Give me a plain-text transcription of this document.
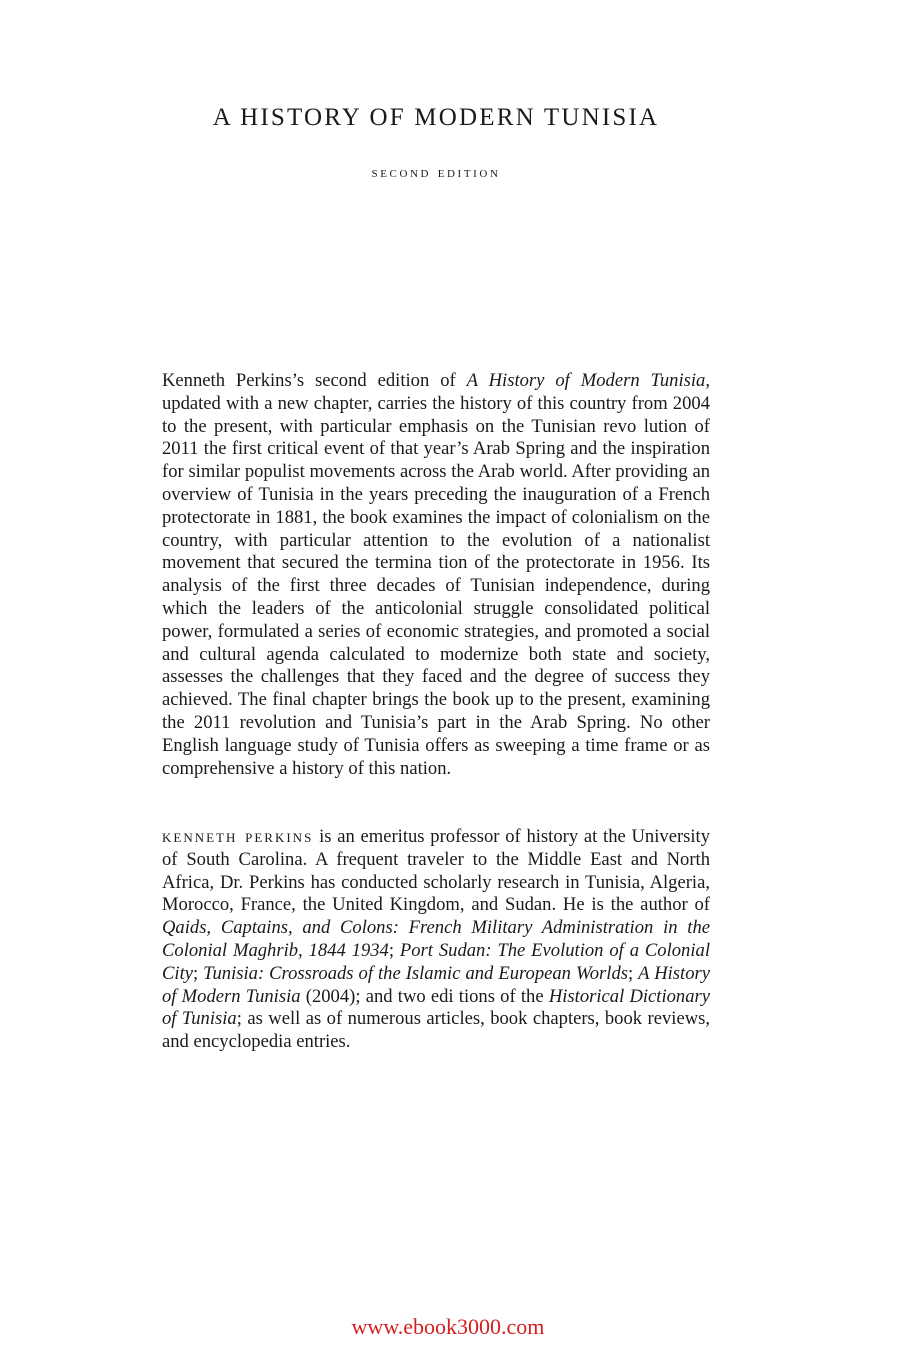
A HISTORY OF MODERN TUNISIA
second edition

Kenneth Perkins’s second edition of A History of Modern Tunisia, updated with a new chapter, carries the history of this country from 2004 to the present, with particular emphasis on the Tunisian revo lution of 2011 the first critical event of that year’s Arab Spring and the inspiration for similar populist movements across the Arab world. After providing an overview of Tunisia in the years preceding the inauguration of a French protectorate in 1881, the book examines the impact of colonialism on the country, with particular attention to the evolution of a nationalist movement that secured the termina tion of the protectorate in 1956. Its analysis of the first three decades of Tunisian independence, during which the leaders of the anticolonial struggle consolidated political power, formulated a series of economic strategies, and promoted a social and cultural agenda calculated to modernize both state and society, assesses the challenges that they faced and the degree of success they achieved. The final chapter brings the book up to the present, examining the 2011 revolution and Tunisia’s part in the Arab Spring. No other English language study of Tunisia offers as sweeping a time frame or as comprehensive a history of this nation.

kenneth perkins is an emeritus professor of history at the University of South Carolina. A frequent traveler to the Middle East and North Africa, Dr. Perkins has conducted scholarly research in Tunisia, Algeria, Morocco, France, the United Kingdom, and Sudan. He is the author of Qaids, Captains, and Colons: French Military Administration in the Colonial Maghrib, 1844 1934; Port Sudan: The Evolution of a Colonial City; Tunisia: Crossroads of the Islamic and European Worlds; A History of Modern Tunisia (2004); and two edi tions of the Historical Dictionary of Tunisia; as well as of numerous articles, book chapters, book reviews, and encyclopedia entries.

www.ebook3000.com
